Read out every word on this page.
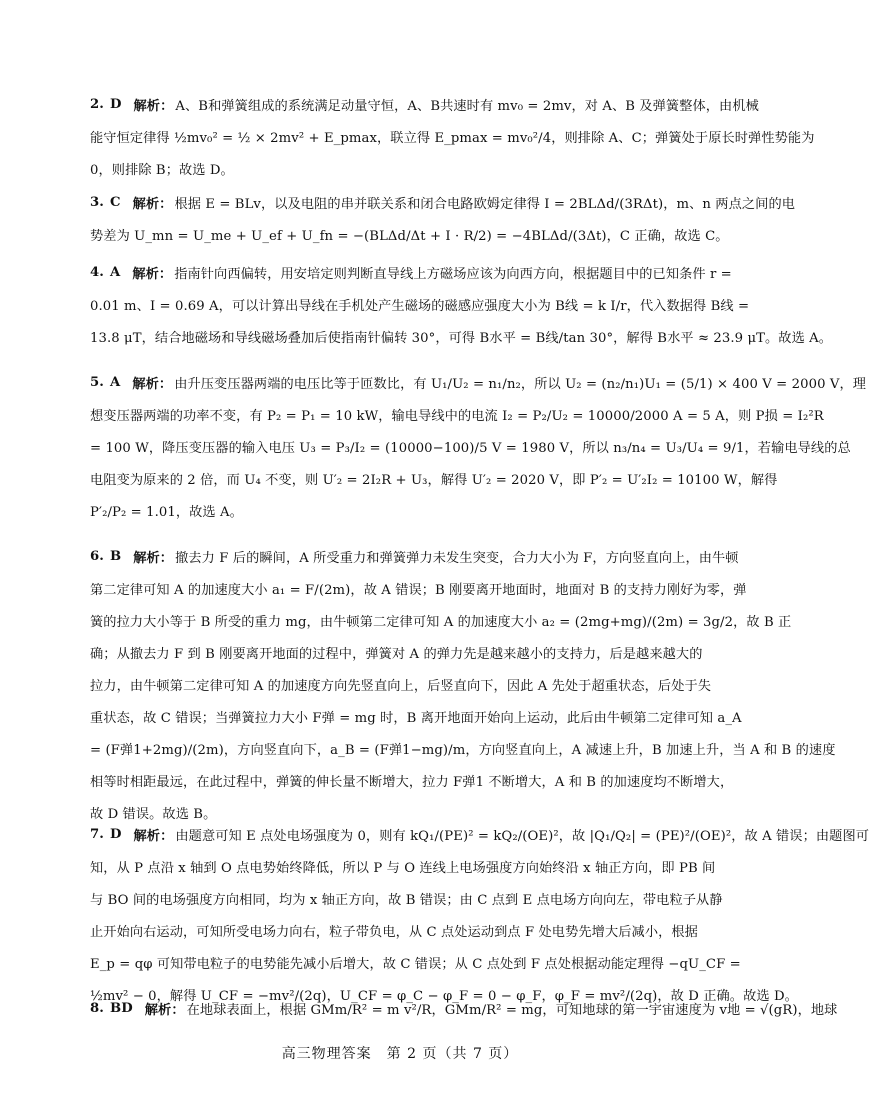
2. D 解析： A、B和弹簧组成的系统满足动量守恒，A、B共速时有 mv₀ = 2mv，对 A、B 及弹簧整体，由机械
能守恒定律得 ½mv₀² = ½ × 2mv² + E_pmax，联立得 E_pmax = mv₀²/4，则排除 A、C；弹簧处于原长时弹性势能为
0，则排除 B；故选 D。
3. C 解析： 根据 E = BLv，以及电阻的串并联关系和闭合电路欧姆定律得 I = 2BLΔd/(3RΔt)，m、n 两点之间的电
势差为 U_mn = U_me + U_ef + U_fn = −(BLΔd/Δt + I · R/2) = −4BLΔd/(3Δt)，C 正确，故选 C。
4. A 解析： 指南针向西偏转，用安培定则判断直导线上方磁场应该为向西方向，根据题目中的已知条件 r =
0.01 m、I = 0.69 A，可以计算出导线在手机处产生磁场的磁感应强度大小为 B线 = k I/r，代入数据得 B线 =
13.8 μT，结合地磁场和导线磁场叠加后使指南针偏转 30°，可得 B水平 = B线/tan 30°，解得 B水平 ≈ 23.9 μT。故选 A。
5. A 解析： 由升压变压器两端的电压比等于匝数比，有 U₁/U₂ = n₁/n₂，所以 U₂ = (n₂/n₁)U₁ = (5/1) × 400 V = 2000 V，理
想变压器两端的功率不变，有 P₂ = P₁ = 10 kW，输电导线中的电流 I₂ = P₂/U₂ = 10000/2000 A = 5 A，则 P损 = I₂²R
= 100 W，降压变压器的输入电压 U₃ = P₃/I₂ = (10000−100)/5 V = 1980 V，所以 n₃/n₄ = U₃/U₄ = 9/1，若输电导线的总
电阻变为原来的 2 倍，而 U₄ 不变，则 U′₂ = 2I₂R + U₃，解得 U′₂ = 2020 V，即 P′₂ = U′₂I₂ = 10100 W，解得
P′₂/P₂ = 1.01，故选 A。
6. B 解析： 撤去力 F 后的瞬间，A 所受重力和弹簧弹力未发生突变，合力大小为 F，方向竖直向上，由牛顿
第二定律可知 A 的加速度大小 a₁ = F/(2m)，故 A 错误；B 刚要离开地面时，地面对 B 的支持力刚好为零，弹
簧的拉力大小等于 B 所受的重力 mg，由牛顿第二定律可知 A 的加速度大小 a₂ = (2mg+mg)/(2m) = 3g/2，故 B 正
确；从撤去力 F 到 B 刚要离开地面的过程中，弹簧对 A 的弹力先是越来越小的支持力，后是越来越大的
拉力，由牛顿第二定律可知 A 的加速度方向先竖直向上，后竖直向下，因此 A 先处于超重状态，后处于失
重状态，故 C 错误；当弹簧拉力大小 F弹 = mg 时，B 离开地面开始向上运动，此后由牛顿第二定律可知 a_A
= (F弹1+2mg)/(2m)，方向竖直向下，a_B = (F弹1−mg)/m，方向竖直向上，A 减速上升，B 加速上升，当 A 和 B 的速度
相等时相距最远，在此过程中，弹簧的伸长量不断增大，拉力 F弹1 不断增大，A 和 B 的加速度均不断增大，
故 D 错误。故选 B。
7. D 解析： 由题意可知 E 点处电场强度为 0，则有 kQ₁/(PE)² = kQ₂/(OE)²，故 |Q₁/Q₂| = (PE)²/(OE)²，故 A 错误；由题图可
知，从 P 点沿 x 轴到 O 点电势始终降低，所以 P 与 O 连线上电场强度方向始终沿 x 轴正方向，即 PB 间
与 BO 间的电场强度方向相同，均为 x 轴正方向，故 B 错误；由 C 点到 E 点电场方向向左，带电粒子从静
止开始向右运动，可知所受电场力向右，粒子带负电，从 C 点处运动到点 F 处电势先增大后减小，根据
E_p = qφ 可知带电粒子的电势能先减小后增大，故 C 错误；从 C 点处到 F 点处根据动能定理得 −qU_CF =
½mv² − 0，解得 U_CF = −mv²/(2q)，U_CF = φ_C − φ_F = 0 − φ_F，φ_F = mv²/(2q)，故 D 正确。故选 D。
8. BD 解析： 在地球表面上，根据 GMm/R² = m v²/R，GMm/R² = mg，可知地球的第一宇宙速度为 v地 = √(gR)，地球
高三物理答案　第 2 页（共 7 页）
